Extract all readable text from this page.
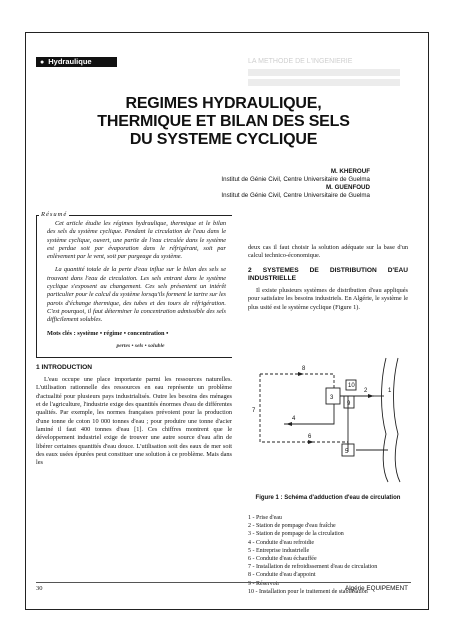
● Hydraulique	LA METHODE DE L'INGENIERIE
REGIMES HYDRAULIQUE,
THERMIQUE ET BILAN DES SELS
DU SYSTEME CYCLIQUE
M. KHEROUF
Institut de Génie Civil, Centre Universitaire de Guelma
M. GUENFOUD
Institut de Génie Civil, Centre Universitaire de Guelma
Résumé

Cet article étudie les régimes hydraulique, thermique et le bilan des sels du système cyclique. Pendant la circulation de l'eau dans le système cyclique, ouvert, une partie de l'eau circulée dans le système est perdue soit par évaporation dans le réfrigérant, soit par enlèvement par le vent, soit par purgeage du système.

La quantité totale de la perte d'eau influe sur le bilan des sels se trouvant dans l'eau de circulation. Les sels entrant dans le système cyclique s'exposent au changement. Ces sels présentent un intérêt particulier pour le calcul du système lorsqu'ils forment le tartre sur les parois d'échange thermique, des tubes et des tours de réfrigération. C'est pourquoi, il faut déterminer la concentration admissible des sels difficilement solubles.

Mots clés : système • régime • concentration •

pertes • sels • soluble

1 INTRODUCTION

L'eau occupe une place importante parmi les ressources naturelles. L'utilisation rationnelle des ressources en eau représente un problème d'actualité pour plusieurs pays industrialisés. Outre les besoins des ménages et de l'agriculture, l'industrie exige des quantités énormes d'eau de différentes qualités. Par exemple, les normes françaises prévoient pour la production d'une tonne de coton 10 000 tonnes d'eau ; pour produire une tonne d'acier laminé il faut 400 tonnes d'eau [1]. Ces chiffres montrent que le développement industriel exige de trouver une autre source d'eau afin de libérer certaines quantités d'eau douce. L'utilisation soit des eaux de mer soit des eaux usées épurées peut constituer une solution à ce problème. Mais dans les

deux cas il faut choisir la solution adéquate sur la base d'un calcul technico-économique.

2 SYSTEMES DE DISTRIBUTION D'EAU INDUSTRIELLE

Il existe plusieurs systèmes de distribution d'eau appliqués pour satisfaire les besoins industriels. En Algérie, le système le plus usité est le système cyclique (Figure 1).

1
2
3
4
5
6
7
8
9
10
Figure 1 : Schéma d'adduction d'eau de circulation
1 - Prise d'eau
2 - Station de pompage d'eau fraîche
3 - Station de pompage de la circulation
4 - Conduite d'eau refroidie
5 - Entreprise industrielle
6 - Conduite d'eau échauffée
7 - Installation de refroidissement d'eau de circulation
8 - Conduite d'eau d'appoint
9 - Réservoir
10 - Installation pour le traitement de stabilisation
30	Algérie EQUIPEMENT
